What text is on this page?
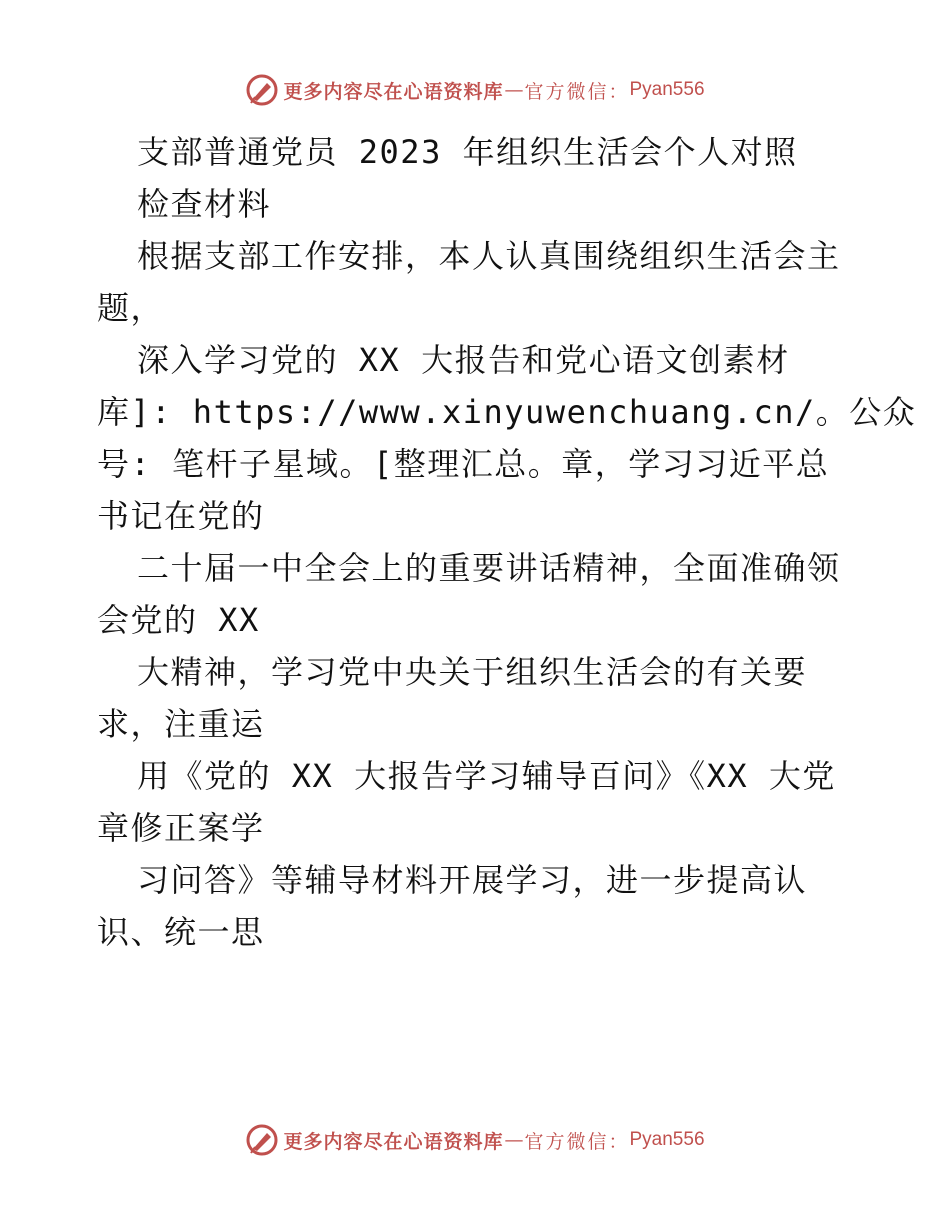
更多内容尽在心语资料库 — 官方微信： Pyan556
支部普通党员 2023 年组织生活会个人对照
检查材料
根据支部工作安排，本人认真围绕组织生活会主
题，
深入学习党的 XX 大报告和党心语文创素材
库]: https://www.xinyuwenchuang.cn/。公众
号: 笔杆子星域。[整理汇总。章，学习习近平总
书记在党的
二十届一中全会上的重要讲话精神，全面准确领
会党的 XX
大精神，学习党中央关于组织生活会的有关要
求，注重运
用《党的 XX 大报告学习辅导百问》《XX 大党
章修正案学
习问答》等辅导材料开展学习，进一步提高认
识、统一思
更多内容尽在心语资料库 — 官方微信： Pyan556
